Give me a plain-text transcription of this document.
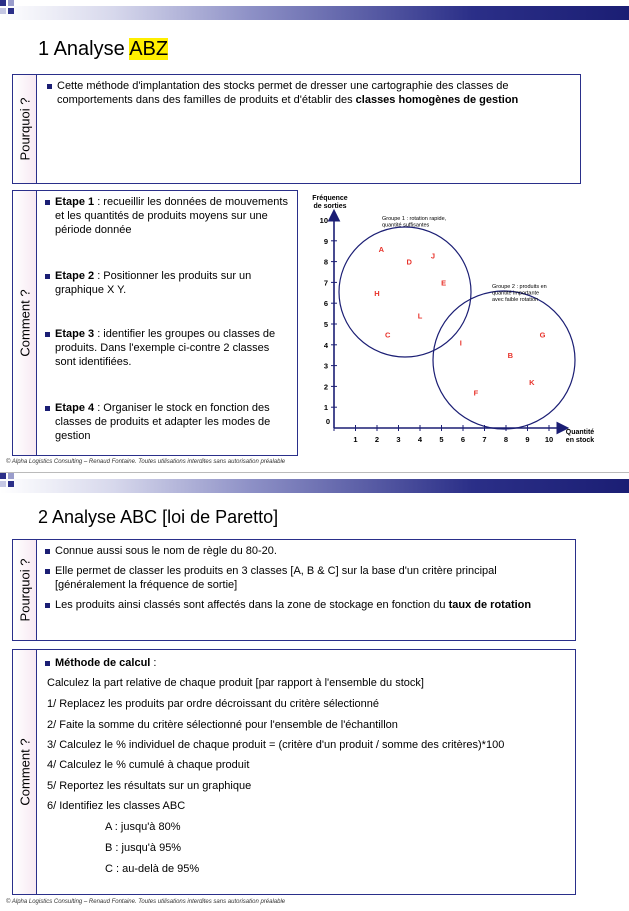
1 Analyse ABZ
Pourquoi ?
Cette méthode d'implantation des stocks permet de dresser une cartographie des classes de comportements dans des familles de produits et d'établir des classes homogènes de gestion
Comment ?
Etape 1 : recueillir les données de mouvements et les quantités de produits moyens sur une période donnée
Etape 2 : Positionner les produits sur un graphique X Y.
Etape 3 : identifier les groupes ou classes de produits. Dans l'exemple ci-contre 2 classes sont identifiées.
Etape 4 : Organiser le stock en fonction des classes de produits et adapter les modes de gestion
Fréquence de sorties
Quantité en stock
Groupe 1 : rotation rapide, quantité suffisantes
Groupe 2 : produits en quantité importante avec faible rotation
0
1 2 3 4 5 6 7 8 9 10
1
2
3
4
5
6
7
8
9
10
A
D
J
E
H
L
C
I
G
B
K
F
© Alpha Logistics Consulting – Renaud Fontaine. Toutes utilisations interdites sans autorisation préalable
2 Analyse ABC [loi de Paretto]
Pourquoi ?
Connue aussi sous le nom de règle du 80-20.
Elle permet de classer les produits en 3 classes [A, B & C] sur la base d'un critère principal [généralement la fréquence de sortie]
Les produits ainsi classés sont affectés dans la zone de stockage en fonction du taux de rotation
Comment ?
Méthode de calcul :
Calculez la part relative de chaque produit [par rapport à l'ensemble du stock]
1/ Replacez les produits par ordre décroissant du critère sélectionné
2/ Faite la somme du critère sélectionné pour l'ensemble de l'échantillon
3/ Calculez le % individuel de chaque produit = (critère d'un produit / somme des critères)*100
4/ Calculez le % cumulé à chaque produit
5/ Reportez les résultats sur un graphique
6/ Identifiez les classes ABC
A : jusqu'à 80%
B : jusqu'à 95%
C : au-delà de 95%
© Alpha Logistics Consulting – Renaud Fontaine. Toutes utilisations interdites sans autorisation préalable
